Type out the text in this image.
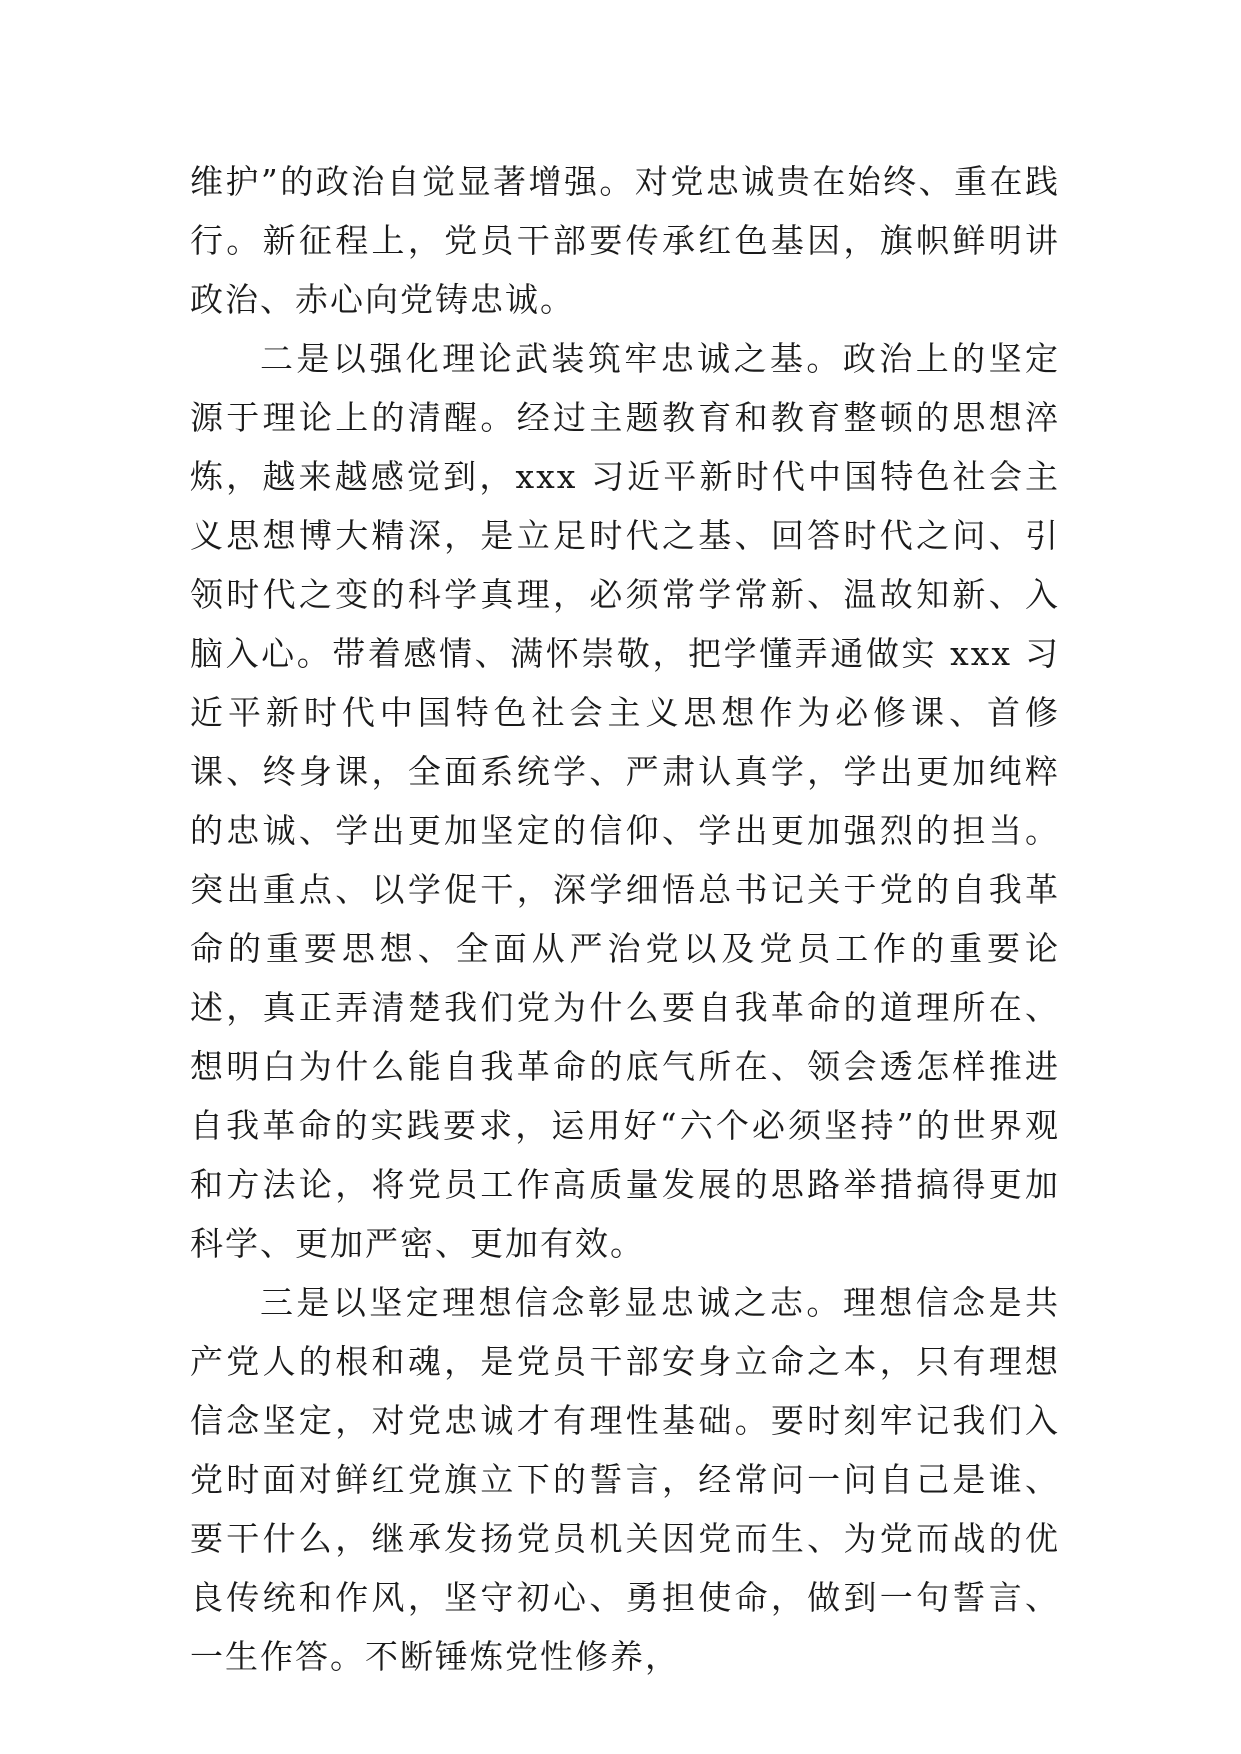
维护”的政治自觉显著增强。对党忠诚贵在始终、重在践行。新征程上，党员干部要传承红色基因，旗帜鲜明讲政治、赤心向党铸忠诚。

二是以强化理论武装筑牢忠诚之基。政治上的坚定源于理论上的清醒。经过主题教育和教育整顿的思想淬炼，越来越感觉到，xxx 习近平新时代中国特色社会主义思想博大精深，是立足时代之基、回答时代之问、引领时代之变的科学真理，必须常学常新、温故知新、入脑入心。带着感情、满怀崇敬，把学懂弄通做实 xxx 习近平新时代中国特色社会主义思想作为必修课、首修课、终身课，全面系统学、严肃认真学，学出更加纯粹的忠诚、学出更加坚定的信仰、学出更加强烈的担当。突出重点、以学促干，深学细悟总书记关于党的自我革命的重要思想、全面从严治党以及党员工作的重要论述，真正弄清楚我们党为什么要自我革命的道理所在、想明白为什么能自我革命的底气所在、领会透怎样推进自我革命的实践要求，运用好“六个必须坚持”的世界观和方法论，将党员工作高质量发展的思路举措搞得更加科学、更加严密、更加有效。

三是以坚定理想信念彰显忠诚之志。理想信念是共产党人的根和魂，是党员干部安身立命之本，只有理想信念坚定，对党忠诚才有理性基础。要时刻牢记我们入党时面对鲜红党旗立下的誓言，经常问一问自己是谁、要干什么，继承发扬党员机关因党而生、为党而战的优良传统和作风，坚守初心、勇担使命，做到一句誓言、一生作答。不断锤炼党性修养，
